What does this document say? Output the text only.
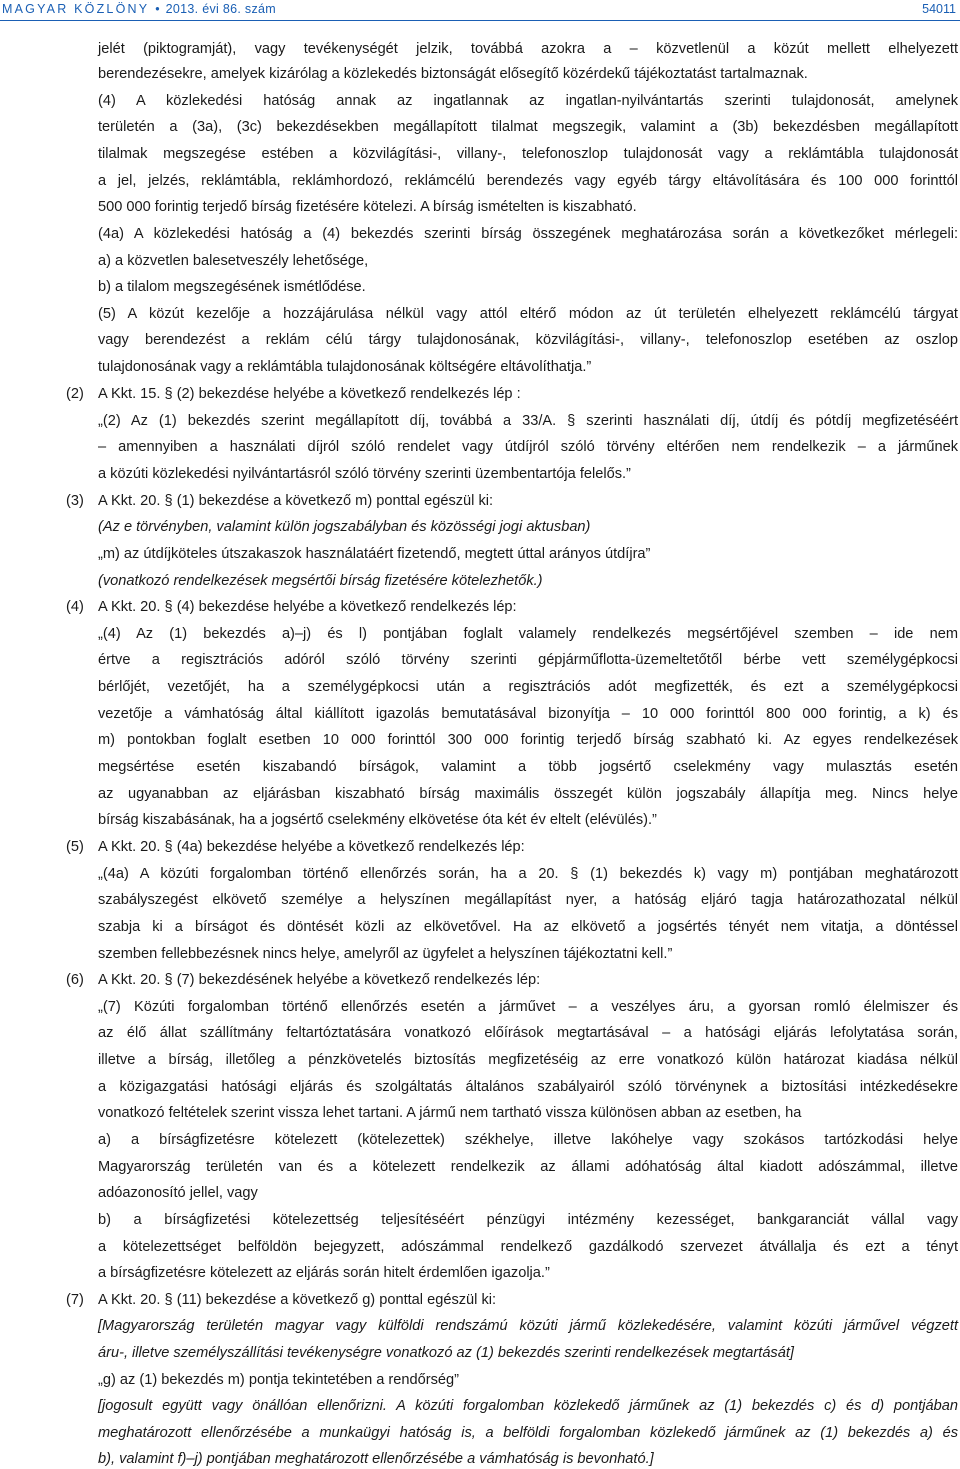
MAGYAR KÖZLÖNY • 2013. évi 86. szám	54011
jelét (piktogramját), vagy tevékenységét jelzik, továbbá azokra a – közvetlenül a közút mellett elhelyezett
berendezésekre, amelyek kizárólag a közlekedés biztonságát elősegítő közérdekű tájékoztatást tartalmaznak.
(4) A közlekedési hatóság annak az ingatlannak az ingatlan-nyilvántartás szerinti tulajdonosát, amelynek
területén a (3a), (3c) bekezdésekben megállapított tilalmat megszegik, valamint a (3b) bekezdésben megállapított
tilalmak megszegése estében a közvilágítási-, villany-, telefonoszlop tulajdonosát vagy a reklámtábla tulajdonosát
a jel, jelzés, reklámtábla, reklámhordozó, reklámcélú berendezés vagy egyéb tárgy eltávolítására és 100 000 forinttól
500 000 forintig terjedő bírság fizetésére kötelezi. A bírság ismételten is kiszabható.
(4a) A közlekedési hatóság a (4) bekezdés szerinti bírság összegének meghatározása során a következőket mérlegeli:
a) a közvetlen balesetveszély lehetősége,
b) a tilalom megszegésének ismétlődése.
(5) A közút kezelője a hozzájárulása nélkül vagy attól eltérő módon az út területén elhelyezett reklámcélú tárgyat
vagy berendezést a reklám célú tárgy tulajdonosának, közvilágítási-, villany-, telefonoszlop esetében az oszlop
tulajdonosának vagy a reklámtábla tulajdonosának költségére eltávolíthatja.”
(2) A Kkt. 15. § (2) bekezdése helyébe a következő rendelkezés lép :
„(2) Az (1) bekezdés szerint megállapított díj, továbbá a 33/A. § szerinti használati díj, útdíj és pótdíj megfizetéséért
– amennyiben a használati díjról szóló rendelet vagy útdíjról szóló törvény eltérően nem rendelkezik – a járműnek
a közúti közlekedési nyilvántartásról szóló törvény szerinti üzembentartója felelős.”
(3) A Kkt. 20. § (1) bekezdése a következő m) ponttal egészül ki:
(Az e törvényben, valamint külön jogszabályban és közösségi jogi aktusban)
„m) az útdíjköteles útszakaszok használatáért fizetendő, megtett úttal arányos útdíjra”
(vonatkozó rendelkezések megsértői bírság fizetésére kötelezhetők.)
(4) A Kkt. 20. § (4) bekezdése helyébe a következő rendelkezés lép:
„(4) Az (1) bekezdés a)–j) és l) pontjában foglalt valamely rendelkezés megsértőjével szemben – ide nem
értve a regisztrációs adóról szóló törvény szerinti gépjárműflotta-üzemeltetőtől bérbe vett személygépkocsi
bérlőjét, vezetőjét, ha a személygépkocsi után a regisztrációs adót megfizették, és ezt a személygépkocsi
vezetője a vámhatóság által kiállított igazolás bemutatásával bizonyítja – 10 000 forinttól 800 000 forintig, a k) és
m) pontokban foglalt esetben 10 000 forinttól 300 000 forintig terjedő bírság szabható ki. Az egyes rendelkezések
megsértése esetén kiszabandó bírságok, valamint a több jogsértő cselekmény vagy mulasztás esetén
az ugyanabban az eljárásban kiszabható bírság maximális összegét külön jogszabály állapítja meg. Nincs helye
bírság kiszabásának, ha a jogsértő cselekmény elkövetése óta két év eltelt (elévülés).”
(5) A Kkt. 20. § (4a) bekezdése helyébe a következő rendelkezés lép:
„(4a) A közúti forgalomban történő ellenőrzés során, ha a 20. § (1) bekezdés k) vagy m) pontjában meghatározott
szabályszegést elkövető személye a helyszínen megállapítást nyer, a hatóság eljáró tagja határozathozatal nélkül
szabja ki a bírságot és döntését közli az elkövetővel. Ha az elkövető a jogsértés tényét nem vitatja, a döntéssel
szemben fellebbezésnek nincs helye, amelyről az ügyfelet a helyszínen tájékoztatni kell.”
(6) A Kkt. 20. § (7) bekezdésének helyébe a következő rendelkezés lép:
„(7) Közúti forgalomban történő ellenőrzés esetén a járművet – a veszélyes áru, a gyorsan romló élelmiszer és
az élő állat szállítmány feltartóztatására vonatkozó előírások megtartásával – a hatósági eljárás lefolytatása során,
illetve a bírság, illetőleg a pénzkövetelés biztosítás megfizetéséig az erre vonatkozó külön határozat kiadása nélkül
a közigazgatási hatósági eljárás és szolgáltatás általános szabályairól szóló törvénynek a biztosítási intézkedésekre
vonatkozó feltételek szerint vissza lehet tartani. A jármű nem tartható vissza különösen abban az esetben, ha
a) a bírságfizetésre kötelezett (kötelezettek) székhelye, illetve lakóhelye vagy szokásos tartózkodási helye
Magyarország területén van és a kötelezett rendelkezik az állami adóhatóság által kiadott adószámmal, illetve
adóazonosító jellel, vagy
b) a bírságfizetési kötelezettség teljesítéséért pénzügyi intézmény kezességet, bankgaranciát vállal vagy
a kötelezettséget belföldön bejegyzett, adószámmal rendelkező gazdálkodó szervezet átvállalja és ezt a tényt
a bírságfizetésre kötelezett az eljárás során hitelt érdemlően igazolja.”
(7) A Kkt. 20. § (11) bekezdése a következő g) ponttal egészül ki:
[Magyarország területén magyar vagy külföldi rendszámú közúti jármű közlekedésére, valamint közúti járművel végzett
áru-, illetve személyszállítási tevékenységre vonatkozó az (1) bekezdés szerinti rendelkezések megtartását]
„g) az (1) bekezdés m) pontja tekintetében a rendőrség”
[jogosult együtt vagy önállóan ellenőrizni. A közúti forgalomban közlekedő járműnek az (1) bekezdés c) és d) pontjában
meghatározott ellenőrzésébe a munkaügyi hatóság is, a belföldi forgalomban közlekedő járműnek az (1) bekezdés a) és
b), valamint f)–j) pontjában meghatározott ellenőrzésébe a vámhatóság is bevonható.]
